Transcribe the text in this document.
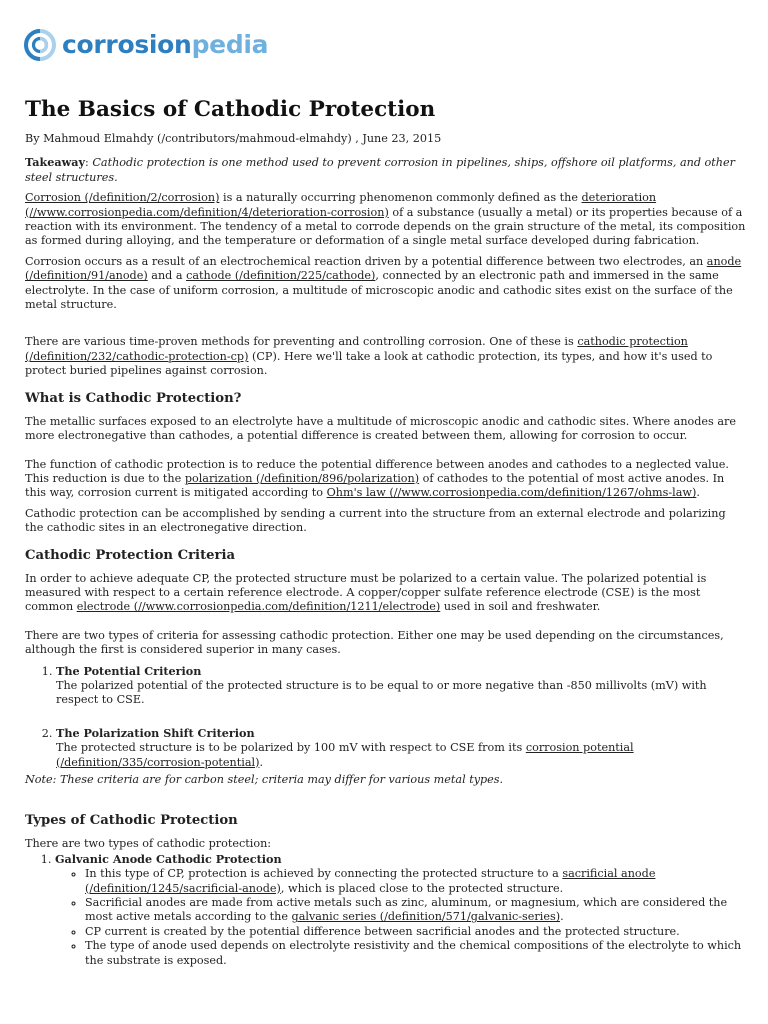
corrosionpedia
The Basics of Cathodic Protection

By Mahmoud Elmahdy (/contributors/mahmoud-elmahdy) , June 23, 2015

Takeaway: Cathodic protection is one method used to prevent corrosion in pipelines, ships, offshore oil platforms, and other steel structures.

Corrosion (/definition/2/corrosion) is a naturally occurring phenomenon commonly defined as the deterioration (//www.corrosionpedia.com/definition/4/deterioration-corrosion) of a substance (usually a metal) or its properties because of a reaction with its environment. The tendency of a metal to corrode depends on the grain structure of the metal, its composition as formed during alloying, and the temperature or deformation of a single metal surface developed during fabrication.

Corrosion occurs as a result of an electrochemical reaction driven by a potential difference between two electrodes, an anode (/definition/91/anode) and a cathode (/definition/225/cathode), connected by an electronic path and immersed in the same electrolyte. In the case of uniform corrosion, a multitude of microscopic anodic and cathodic sites exist on the surface of the metal structure.

There are various time-proven methods for preventing and controlling corrosion. One of these is cathodic protection (/definition/232/cathodic-protection-cp) (CP). Here we'll take a look at cathodic protection, its types, and how it's used to protect buried pipelines against corrosion.

What is Cathodic Protection?

The metallic surfaces exposed to an electrolyte have a multitude of microscopic anodic and cathodic sites. Where anodes are more electronegative than cathodes, a potential difference is created between them, allowing for corrosion to occur.

The function of cathodic protection is to reduce the potential difference between anodes and cathodes to a neglected value. This reduction is due to the polarization (/definition/896/polarization) of cathodes to the potential of most active anodes. In this way, corrosion current is mitigated according to Ohm's law (//www.corrosionpedia.com/definition/1267/ohms-law).

Cathodic protection can be accomplished by sending a current into the structure from an external electrode and polarizing the cathodic sites in an electronegative direction.

Cathodic Protection Criteria

In order to achieve adequate CP, the protected structure must be polarized to a certain value. The polarized potential is measured with respect to a certain reference electrode. A copper/copper sulfate reference electrode (CSE) is the most common electrode (//www.corrosionpedia.com/definition/1211/electrode) used in soil and freshwater.

There are two types of criteria for assessing cathodic protection. Either one may be used depending on the circumstances, although the first is considered superior in many cases.

1. The Potential Criterion
The polarized potential of the protected structure is to be equal to or more negative than -850 millivolts (mV) with respect to CSE.
2. The Polarization Shift Criterion
The protected structure is to be polarized by 100 mV with respect to CSE from its corrosion potential (/definition/335/corrosion-potential).

Note: These criteria are for carbon steel; criteria may differ for various metal types.

Types of Cathodic Protection

There are two types of cathodic protection:

1. Galvanic Anode Cathodic Protection
◦ In this type of CP, protection is achieved by connecting the protected structure to a sacrificial anode (/definition/1245/sacrificial-anode), which is placed close to the protected structure.
◦ Sacrificial anodes are made from active metals such as zinc, aluminum, or magnesium, which are considered the most active metals according to the galvanic series (/definition/571/galvanic-series).
◦ CP current is created by the potential difference between sacrificial anodes and the protected structure.
◦ The type of anode used depends on electrolyte resistivity and the chemical compositions of the electrolyte to which the substrate is exposed.
